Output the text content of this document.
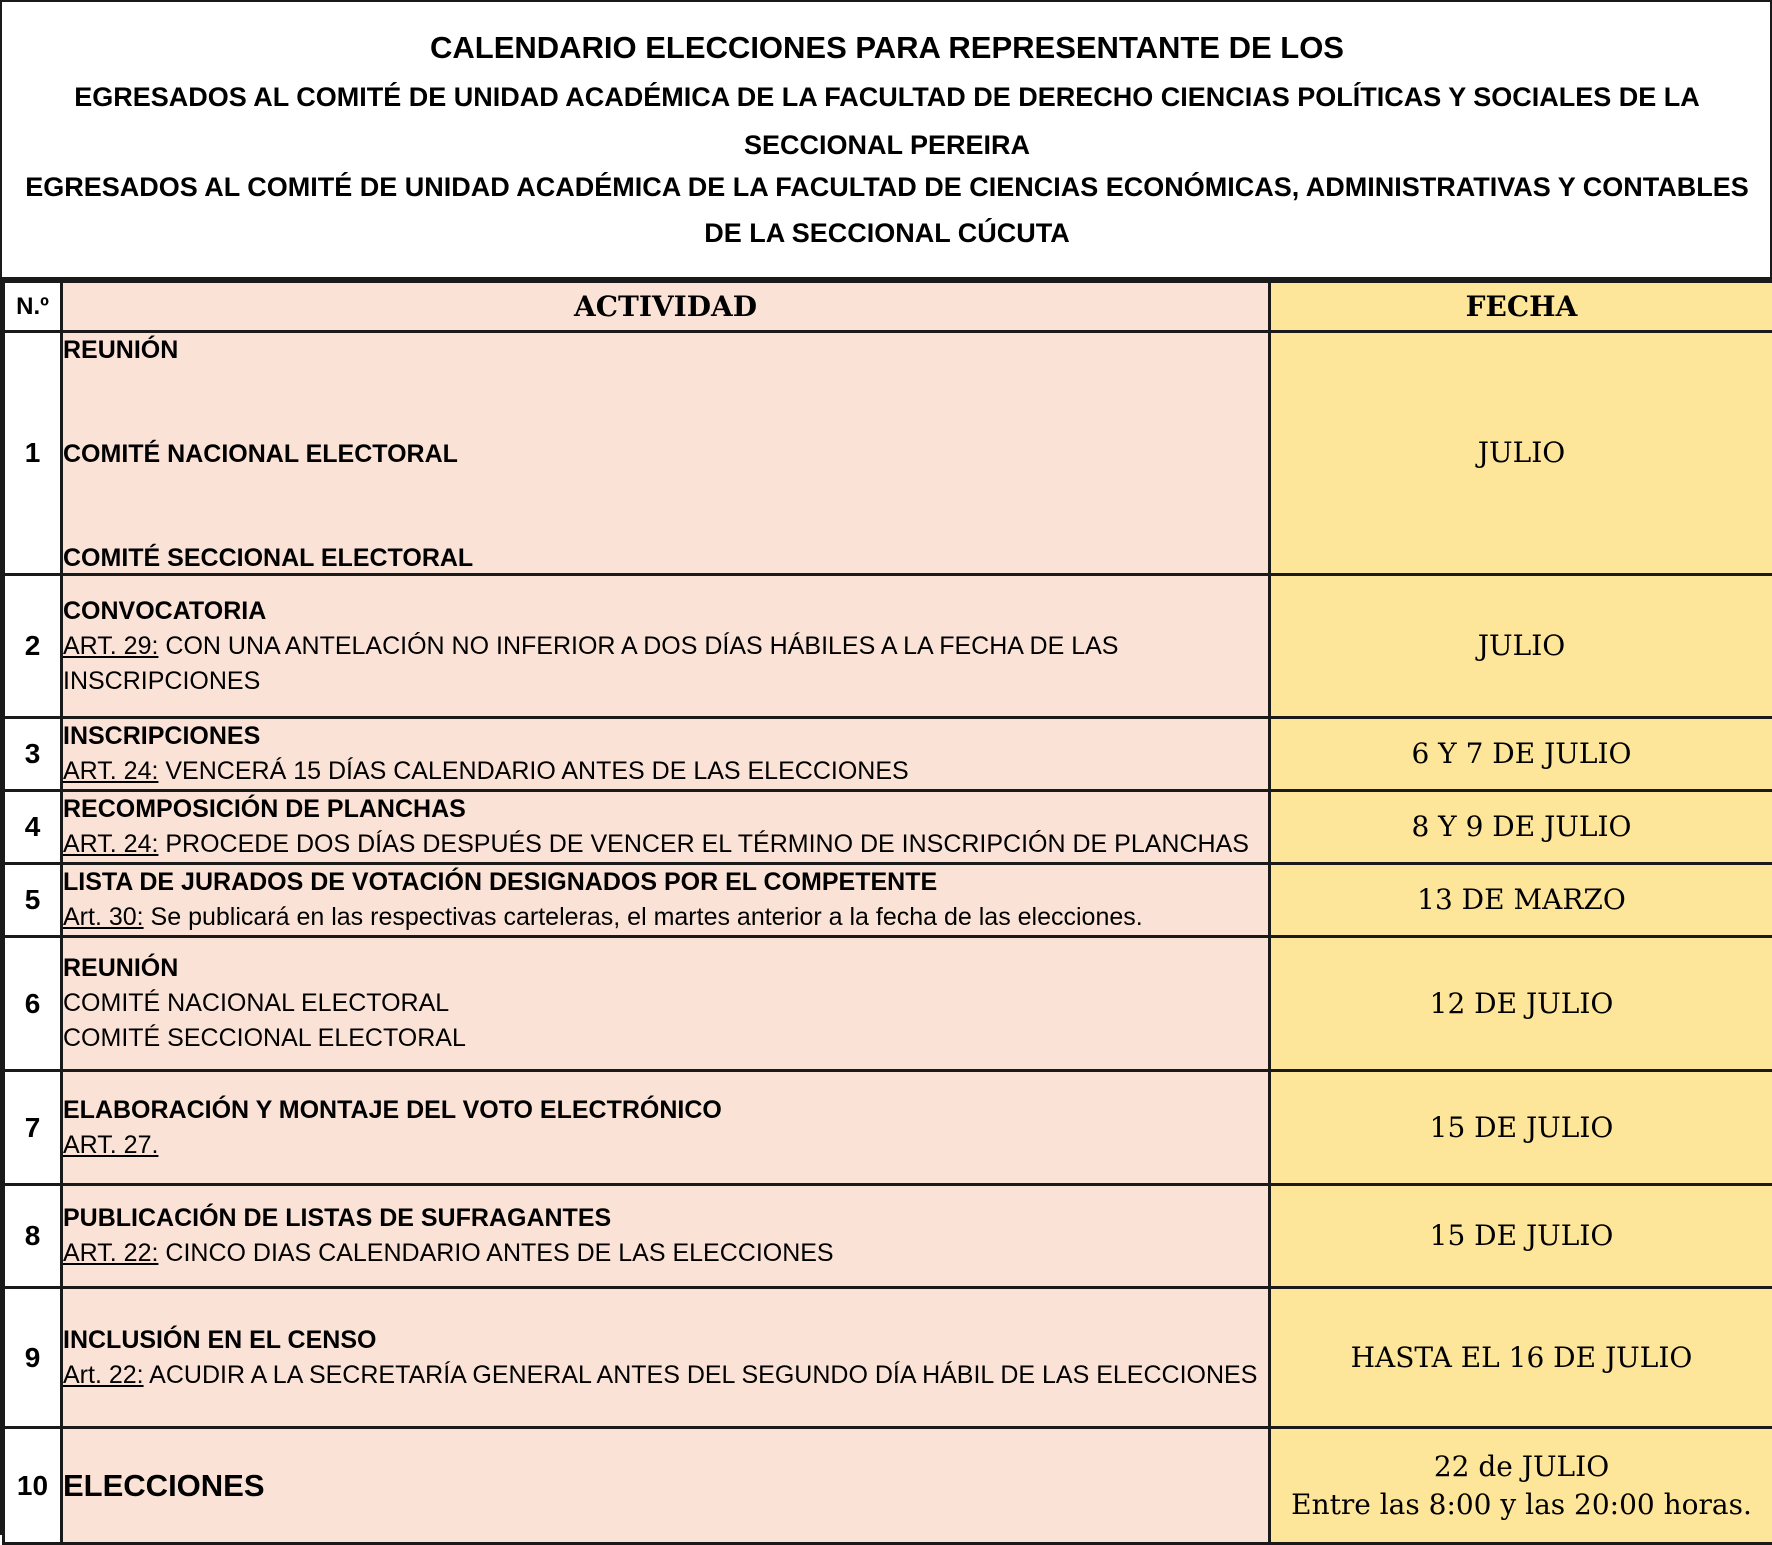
CALENDARIO ELECCIONES PARA REPRESENTANTE DE LOS
EGRESADOS AL COMITÉ DE UNIDAD ACADÉMICA DE LA FACULTAD DE DERECHO CIENCIAS POLÍTICAS Y SOCIALES DE LA
SECCIONAL PEREIRA
EGRESADOS AL COMITÉ DE UNIDAD ACADÉMICA DE LA FACULTAD DE CIENCIAS ECONÓMICAS, ADMINISTRATIVAS Y CONTABLES
DE LA SECCIONAL CÚCUTA
N.º	ACTIVIDAD	FECHA
1	REUNIÓN
COMITÉ NACIONAL ELECTORAL
COMITÉ SECCIONAL ELECTORAL	JULIO
2	CONVOCATORIA
ART. 29: CON UNA ANTELACIÓN NO INFERIOR A DOS DÍAS HÁBILES A LA FECHA DE LAS
INSCRIPCIONES	JULIO
3	INSCRIPCIONES
ART. 24: VENCERÁ 15 DÍAS CALENDARIO ANTES DE LAS ELECCIONES	6 Y 7 DE JULIO
4	RECOMPOSICIÓN DE PLANCHAS
ART. 24: PROCEDE DOS DÍAS DESPUÉS DE VENCER EL TÉRMINO DE INSCRIPCIÓN DE PLANCHAS	8 Y 9 DE JULIO
5	LISTA DE JURADOS DE VOTACIÓN DESIGNADOS POR EL COMPETENTE
Art. 30: Se publicará en las respectivas carteleras, el martes anterior a la fecha de las elecciones.	13 DE MARZO
6	REUNIÓN
COMITÉ NACIONAL ELECTORAL
COMITÉ SECCIONAL ELECTORAL	12 DE JULIO
7	ELABORACIÓN Y MONTAJE DEL VOTO ELECTRÓNICO
ART. 27.	15 DE JULIO
8	PUBLICACIÓN DE LISTAS DE SUFRAGANTES
ART. 22: CINCO DIAS CALENDARIO ANTES DE LAS ELECCIONES	15 DE JULIO
9	INCLUSIÓN EN EL CENSO
Art. 22: ACUDIR A LA SECRETARÍA GENERAL ANTES DEL SEGUNDO DÍA HÁBIL DE LAS ELECCIONES	HASTA EL 16 DE JULIO
10	ELECCIONES	22 de JULIO
Entre las 8:00 y las 20:00 horas.
